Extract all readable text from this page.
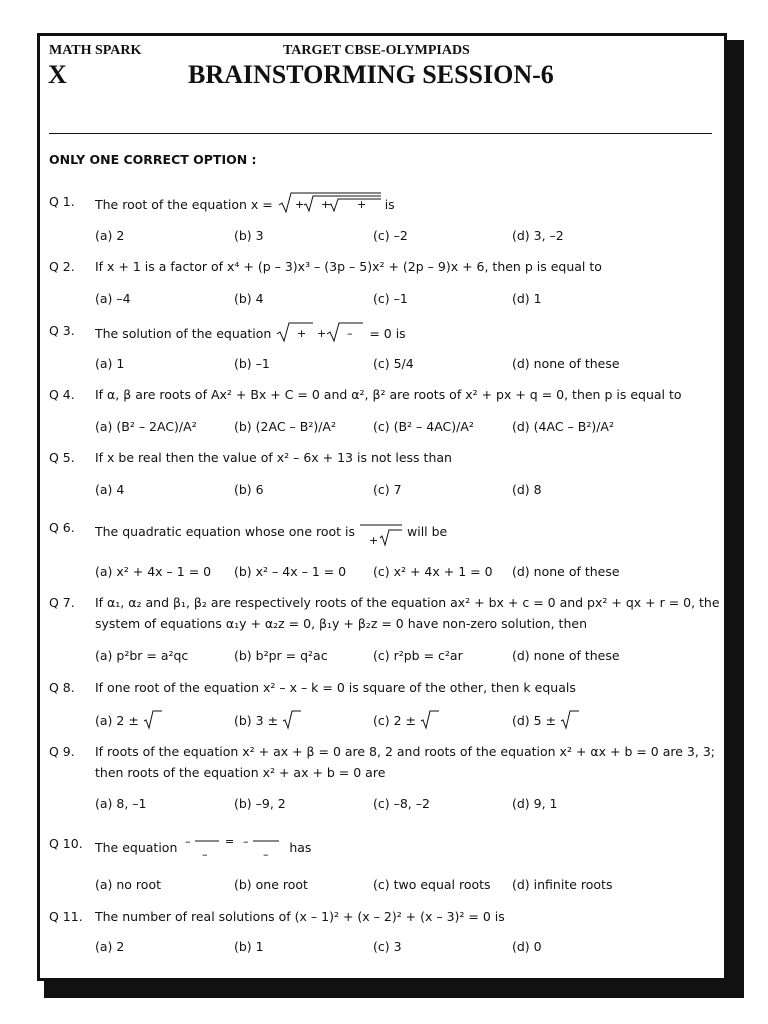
MATH SPARK	TARGET CBSE-OLYMPIADS
X	BRAINSTORMING SESSION-6
ONLY ONE CORRECT OPTION :
Q 1.	The root of the equation x = + + + is
(a) 2	(b) 3	(c) –2	(d) 3, –2
Q 2.	If x + 1 is a factor of x⁴ + (p – 3)x³ – (3p – 5)x² + (2p – 9)x + 6, then p is equal to
(a) –4	(b) 4	(c) –1	(d) 1
Q 3.	The solution of the equation + + – = 0 is
(a) 1	(b) –1	(c) 5/4	(d) none of these
Q 4.	If α, β are roots of Ax² + Bx + C = 0 and α², β² are roots of x² + px + q = 0, then p is equal to
(a) (B² – 2AC)/A²	(b) (2AC – B²)/A²	(c) (B² – 4AC)/A²	(d) (4AC – B²)/A²
Q 5.	If x be real then the value of x² – 6x + 13 is not less than
(a) 4	(b) 6	(c) 7	(d) 8
Q 6.	The quadratic equation whose one root is
+
will be
(a) x² + 4x – 1 = 0 (b) x² – 4x – 1 = 0 (c) x² + 4x + 1 = 0 (d) none of these
Q 7.	If α₁, α₂ and β₁, β₂ are respectively roots of the equation ax² + bx + c = 0 and px² + qx + r = 0, the
system of equations α₁y + α₂z = 0, β₁y + β₂z = 0 have non-zero solution, then
(a) p²br = a²qc	(b) b²pr = q²ac	(c) r²pb = c²ar	(d) none of these
Q 8.	If one root of the equation x² – x – k = 0 is square of the other, then k equals
(a) 2 ±	(b) 3 ±	(c) 2 ±	(d) 5 ±
Q 9.	If roots of the equation x² + ax + β = 0 are 8, 2 and roots of the equation x² + αx + b = 0 are 3, 3;
then roots of the equation x² + ax + b = 0 are
(a) 8, –1	(b) –9, 2	(c) –8, –2	(d) 9, 1
Q 10. The equation –
–
= –
– has
(a) no root	(b) one root	(c) two equal roots (d) infinite roots
Q 11. The number of real solutions of (x – 1)² + (x – 2)² + (x – 3)² = 0 is
(a) 2	(b) 1	(c) 3	(d) 0
